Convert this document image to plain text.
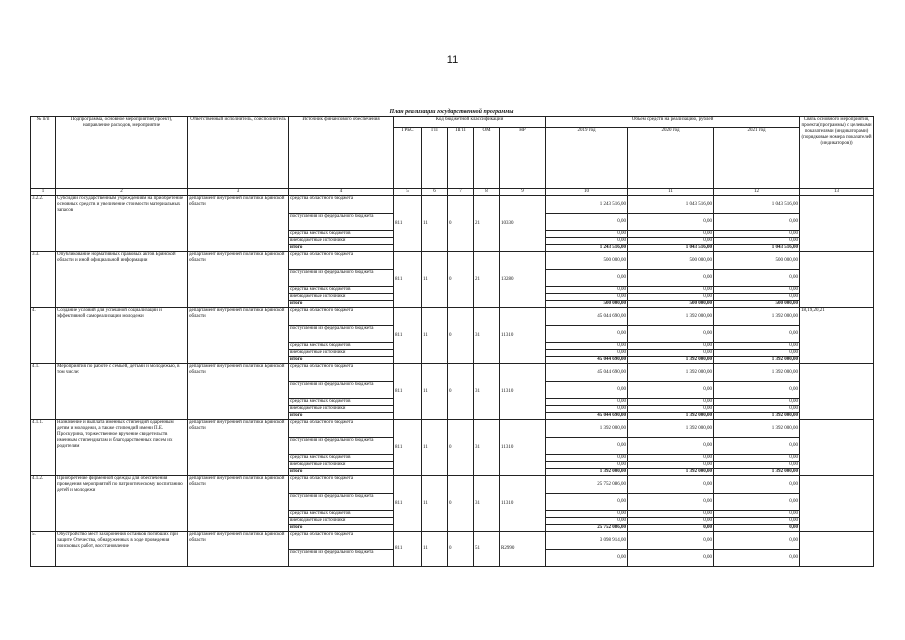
11
План реализации государственной программы
№ п/п	Подпрограмма, основное мероприятие(проект), направление расходов, мероприятие	Ответственный исполнитель, соисполнитель	Источник финансового обеспечения	Код бюджетной классификации					Объем средств на реализацию, рублей			Связь основного мероприятия, проекта(программы) с целевыми показателями (индикаторами) (порядковые номера показателей (индикаторов))
				ГРБС	ГП	ПГП	ОМ	НР	2019 год	2020 год	2021 год	
1	2	3	4	5	6	7	8	9	10	11	12	13
3.2.2.	Субсидии государственным учреждениям на приобретение основных средств и увеличение стоимости материальных запасов	департамент внутренней политики Брянской области	средства областного бюджета	811	11	0	21	10330	1 243 516,00	1 043 516,00	1 043 516,00	
			поступления из федерального бюджета						0,00	0,00	0,00	
			средства местных бюджетов						0,00	0,00	0,00	
			внебюджетные источники						0,00	0,00	0,00	
			итого						1 243 516,00	1 043 516,00	1 043 516,00	
3.3.	Опубликование нормативных правовых актов Брянской области и иной официальной информации	департамент внутренней политики Брянской области	средства областного бюджета	811	11	0	21	13280	500 000,00	500 000,00	500 000,00	
			поступления из федерального бюджета						0,00	0,00	0,00	
			средства местных бюджетов						0,00	0,00	0,00	
			внебюджетные источники						0,00	0,00	0,00	
			итого						500 000,00	500 000,00	500 000,00	
4.	Создание условий для успешной социализации и эффективной самореализации молодежи	департамент внутренней политики Брянской области	средства областного бюджета	811	11	0	31	11310	45 044 690,00	1 392 000,00	1 392 000,00	18,19,20,21
			поступления из федерального бюджета						0,00	0,00	0,00	
			средства местных бюджетов						0,00	0,00	0,00	
			внебюджетные источники						0,00	0,00	0,00	
			итого						45 044 690,00	1 392 000,00	1 392 000,00	
4.1.	Мероприятия по работе с семьей, детьми и молодежью, в том числе:	департамент внутренней политики Брянской области	средства областного бюджета	811	11	0	31	11310	45 044 690,00	1 392 000,00	1 392 000,00	
			поступления из федерального бюджета						0,00	0,00	0,00	
			средства местных бюджетов						0,00	0,00	0,00	
			внебюджетные источники						0,00	0,00	0,00	
			итого						45 044 690,00	1 392 000,00	1 392 000,00	
4.1.1.	Назначение и выплата именных стипендий одаренным детям и молодежи, а также стипендий имени П.Е. Проскурина, торжественное вручение свидетельств именным стипендиатам и благодарственных писем их родителям	департамент внутренней политики Брянской области	средства областного бюджета	811	11	0	31	11310	1 392 000,00	1 392 000,00	1 392 000,00	
			поступления из федерального бюджета						0,00	0,00	0,00	
			средства местных бюджетов						0,00	0,00	0,00	
			внебюджетные источники						0,00	0,00	0,00	
			итого						1 392 000,00	1 392 000,00	1 392 000,00	
4.1.2.	Приобретение фирменной одежды для обеспечения проведения мероприятий по патриотическому воспитанию детей и молодежи	департамент внутренней политики Брянской области	средства областного бюджета	811	11	0	31	11310	25 752 086,00	0,00	0,00	
			поступления из федерального бюджета						0,00	0,00	0,00	
			средства местных бюджетов						0,00	0,00	0,00	
			внебюджетные источники						0,00	0,00	0,00	
			итого						25 752 086,00	0,00	0,00	
5.	Обустройство мест захоронения останков погибших при защите Отечества, обнаруженных в ходе проведения поисковых работ, восстановление	департамент внутренней политики Брянской области	средства областного бюджета	811	11	0	51	R2990	3 098 914,00	0,00	0,00	
			поступления из федерального бюджета						0,00	0,00	0,00	
